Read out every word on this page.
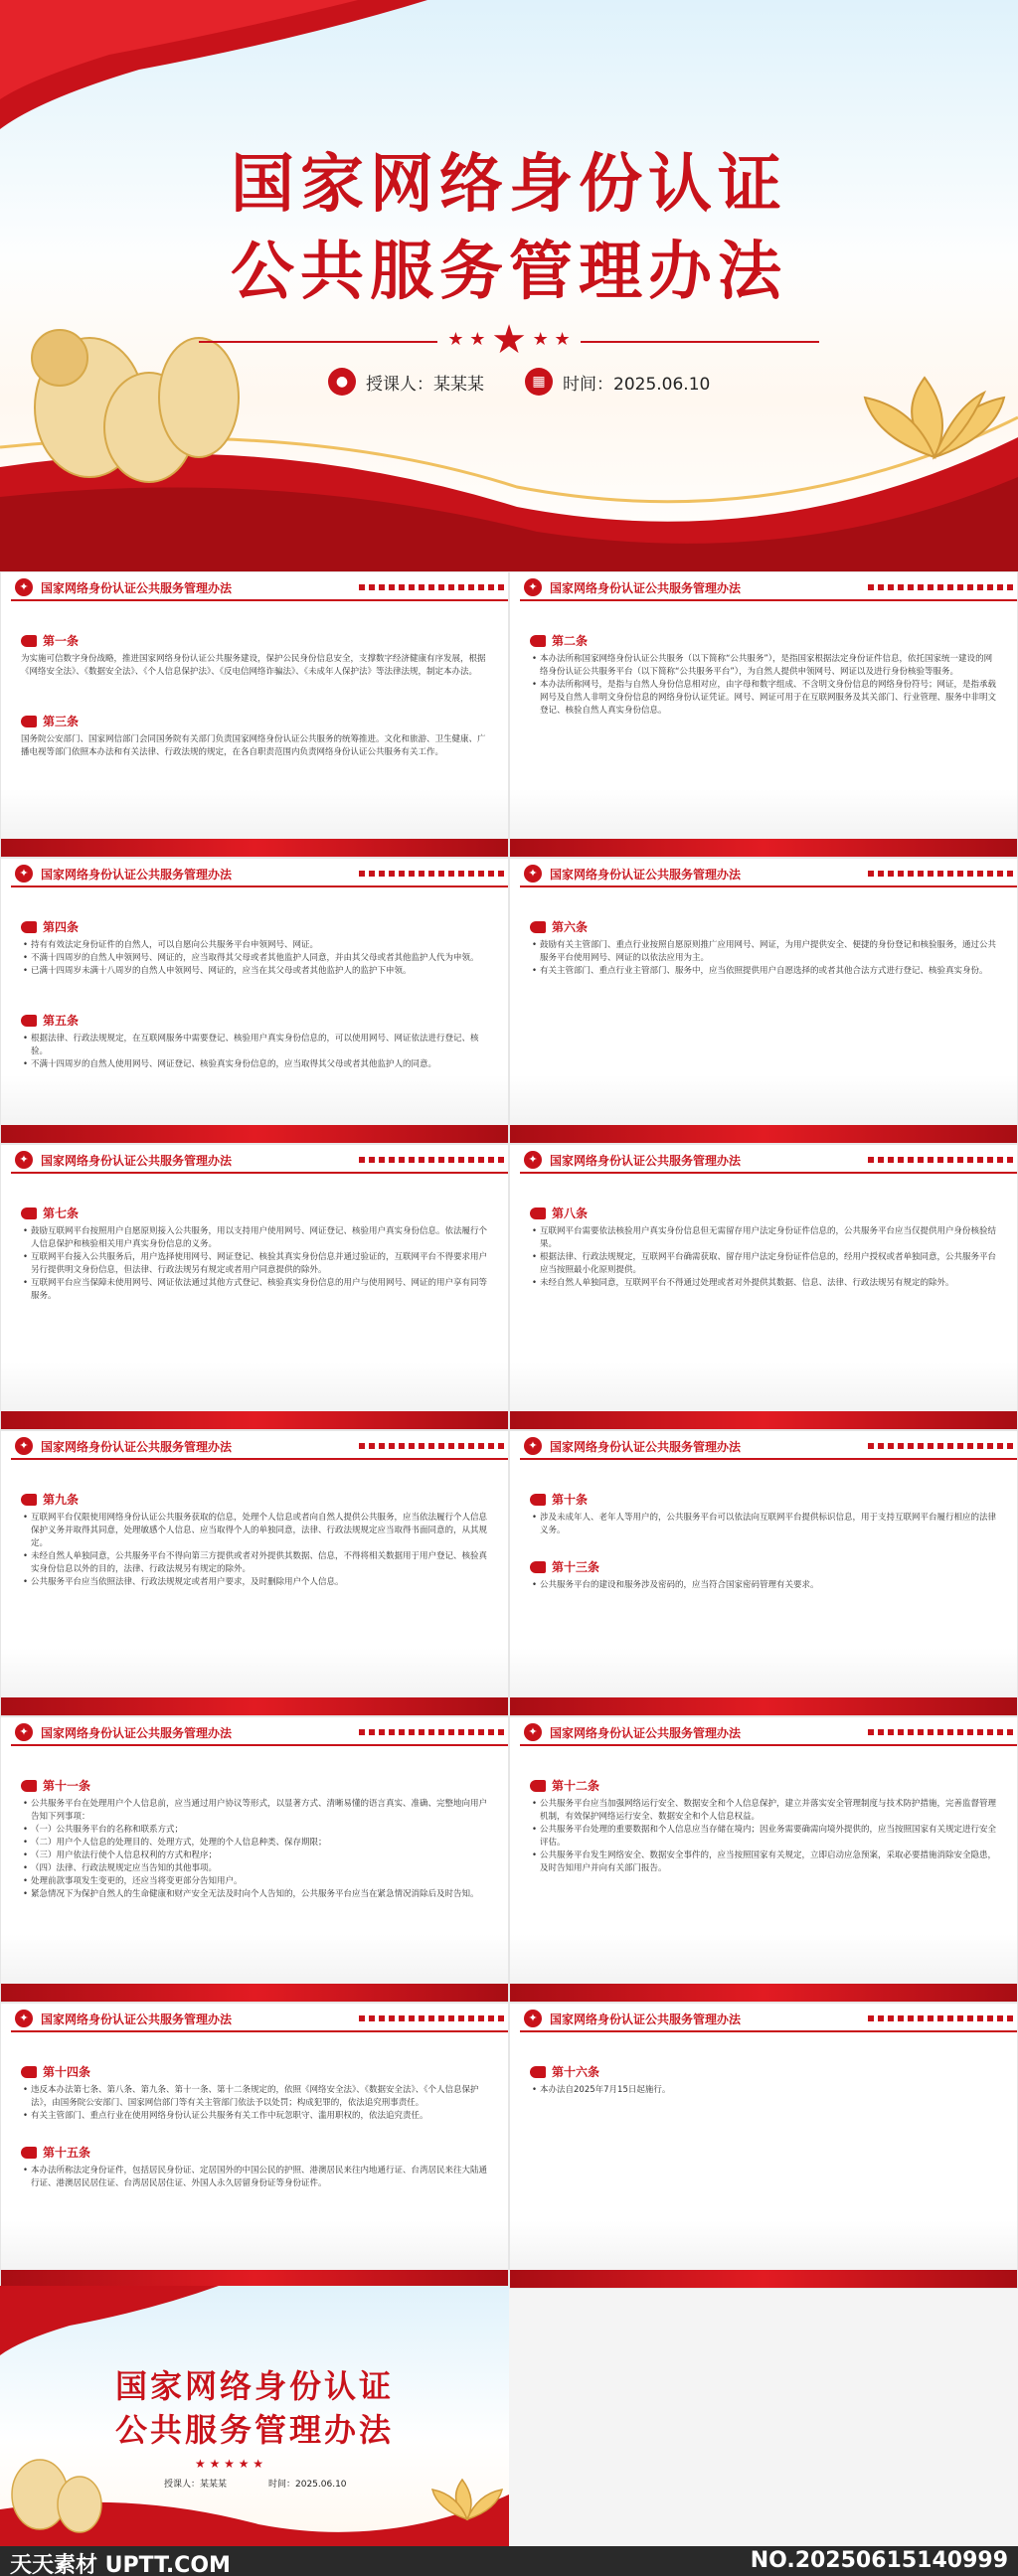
国家网络身份认证
公共服务管理办法
★ ★ ★ ★ ★
●	授课人：某某某	▦	时间：2025.06.10
✦	国家网络身份认证公共服务管理办法
第一条

为实施可信数字身份战略，推进国家网络身份认证公共服务建设，保护公民身份信息安全，支撑数字经济健康有序发展，根据《网络安全法》、《数据安全法》、《个人信息保护法》、《反电信网络诈骗法》、《未成年人保护法》等法律法规，制定本办法。

第三条

国务院公安部门、国家网信部门会同国务院有关部门负责国家网络身份认证公共服务的统筹推进。文化和旅游、卫生健康、广播电视等部门依照本办法和有关法律、行政法规的规定，在各自职责范围内负责网络身份认证公共服务有关工作。

✦	国家网络身份认证公共服务管理办法
第二条
• 本办法所称国家网络身份认证公共服务（以下简称“公共服务”），是指国家根据法定身份证件信息，依托国家统一建设的网络身份认证公共服务平台（以下简称“公共服务平台”），为自然人提供申领网号、网证以及进行身份核验等服务。
• 本办法所称网号，是指与自然人身份信息相对应，由字母和数字组成、不含明文身份信息的网络身份符号；网证，是指承载网号及自然人非明文身份信息的网络身份认证凭证。网号、网证可用于在互联网服务及其关部门、行业管理、服务中非明文登记、核验自然人真实身份信息。
✦	国家网络身份认证公共服务管理办法
第四条
• 持有有效法定身份证件的自然人，可以自愿向公共服务平台申领网号、网证。
• 不满十四周岁的自然人申领网号、网证的，应当取得其父母或者其他监护人同意，并由其父母或者其他监护人代为申领。
• 已满十四周岁未满十八周岁的自然人申领网号、网证的，应当在其父母或者其他监护人的监护下申领。
第五条
• 根据法律、行政法规规定，在互联网服务中需要登记、核验用户真实身份信息的，可以使用网号、网证依法进行登记、核验。
• 不满十四周岁的自然人使用网号、网证登记、核验真实身份信息的，应当取得其父母或者其他监护人的同意。
✦	国家网络身份认证公共服务管理办法
第六条
• 鼓励有关主管部门、重点行业按照自愿原则推广应用网号、网证，为用户提供安全、便捷的身份登记和核验服务，通过公共服务平台使用网号、网证的以依法应用为主。
• 有关主管部门、重点行业主管部门、服务中，应当依照提供用户自愿选择的或者其他合法方式进行登记、核验真实身份。
✦	国家网络身份认证公共服务管理办法
第七条
• 鼓励互联网平台按照用户自愿原则接入公共服务，用以支持用户使用网号、网证登记、核验用户真实身份信息。依法履行个人信息保护和核验相关用户真实身份信息的义务。
• 互联网平台接入公共服务后，用户选择使用网号、网证登记、核验其真实身份信息并通过验证的，互联网平台不得要求用户另行提供明文身份信息，但法律、行政法规另有规定或者用户同意提供的除外。
• 互联网平台应当保障未使用网号、网证依法通过其他方式登记、核验真实身份信息的用户与使用网号、网证的用户享有同等服务。
✦	国家网络身份认证公共服务管理办法
第八条
• 互联网平台需要依法核验用户真实身份信息但无需留存用户法定身份证件信息的，公共服务平台应当仅提供用户身份核验结果。
• 根据法律、行政法规规定，互联网平台确需获取、留存用户法定身份证件信息的，经用户授权或者单独同意，公共服务平台应当按照最小化原则提供。
• 未经自然人单独同意，互联网平台不得通过处理或者对外提供其数据、信息、法律、行政法规另有规定的除外。
✦	国家网络身份认证公共服务管理办法
第九条
• 互联网平台仅限使用网络身份认证公共服务获取的信息，处理个人信息或者向自然人提供公共服务，应当依法履行个人信息保护义务并取得其同意，处理敏感个人信息、应当取得个人的单独同意，法律、行政法规规定应当取得书面同意的，从其规定。
• 未经自然人单独同意，公共服务平台不得向第三方提供或者对外提供其数据、信息，不得将相关数据用于用户登记、核验真实身份信息以外的目的，法律、行政法规另有规定的除外。
• 公共服务平台应当依照法律、行政法规规定或者用户要求，及时删除用户个人信息。
✦	国家网络身份认证公共服务管理办法
第十条
• 涉及未成年人、老年人等用户的，公共服务平台可以依法向互联网平台提供标识信息，用于支持互联网平台履行相应的法律义务。
第十三条
• 公共服务平台的建设和服务涉及密码的，应当符合国家密码管理有关要求。
✦	国家网络身份认证公共服务管理办法
第十一条
• 公共服务平台在处理用户个人信息前，应当通过用户协议等形式，以显著方式、清晰易懂的语言真实、准确、完整地向用户告知下列事项：
• （一）公共服务平台的名称和联系方式；
• （二）用户个人信息的处理目的、处理方式，处理的个人信息种类、保存期限；
• （三）用户依法行使个人信息权利的方式和程序；
• （四）法律、行政法规规定应当告知的其他事项。
• 处理前款事项发生变更的，还应当将变更部分告知用户。
• 紧急情况下为保护自然人的生命健康和财产安全无法及时向个人告知的，公共服务平台应当在紧急情况消除后及时告知。
✦	国家网络身份认证公共服务管理办法
第十二条
• 公共服务平台应当加强网络运行安全、数据安全和个人信息保护，建立并落实安全管理制度与技术防护措施，完善监督管理机制，有效保护网络运行安全、数据安全和个人信息权益。
• 公共服务平台处理的重要数据和个人信息应当存储在境内；因业务需要确需向境外提供的，应当按照国家有关规定进行安全评估。
• 公共服务平台发生网络安全、数据安全事件的，应当按照国家有关规定，立即启动应急预案，采取必要措施消除安全隐患，及时告知用户并向有关部门报告。
✦	国家网络身份认证公共服务管理办法
第十四条
• 违反本办法第七条、第八条、第九条、第十一条、第十二条规定的，依照《网络安全法》、《数据安全法》、《个人信息保护法》，由国务院公安部门、国家网信部门等有关主管部门依法予以处罚；构成犯罪的，依法追究刑事责任。
• 有关主管部门、重点行业在使用网络身份认证公共服务有关工作中玩忽职守、滥用职权的，依法追究责任。
第十五条
• 本办法所称法定身份证件，包括居民身份证、定居国外的中国公民的护照、港澳居民来往内地通行证、台湾居民来往大陆通行证、港澳居民居住证、台湾居民居住证、外国人永久居留身份证等身份证件。
✦	国家网络身份认证公共服务管理办法
第十六条
• 本办法自2025年7月15日起施行。
国家网络身份认证
公共服务管理办法
★ ★ ★ ★ ★
授课人：某某某	时间：2025.06.10
天天素材 UPTT.COM	NO.20250615140999
